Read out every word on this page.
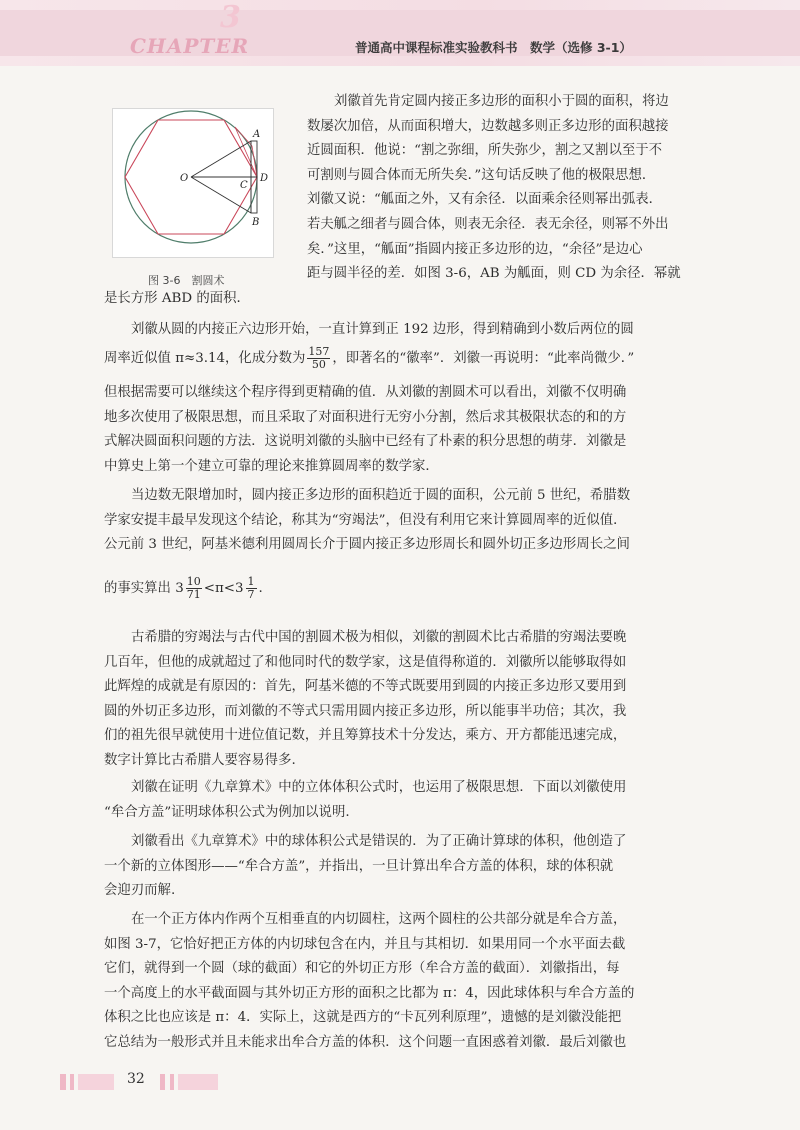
3
CHAPTER	普通高中课程标准实验教科书　数学（选修 3-1）
A
B
C
D
O
图 3-6　割圆术
刘徽首先肯定圆内接正多边形的面积小于圆的面积，将边
数屡次加倍，从而面积增大，边数越多则正多边形的面积越接
近圆面积．他说：“割之弥细，所失弥少，割之又割以至于不
可割则与圆合体而无所失矣．”这句话反映了他的极限思想．
刘徽又说：“觚面之外，又有余径．以面乘余径则幂出弧表．
若夫觚之细者与圆合体，则表无余径．表无余径，则幂不外出
矣．”这里，“觚面”指圆内接正多边形的边，“余径”是边心
距与圆半径的差．如图 3-6，AB 为觚面，则 CD 为余径．幂就
是长方形 ABD 的面积．
刘徽从圆的内接正六边形开始，一直计算到正 192 边形，得到精确到小数后两位的圆
周率近似值 π≈3.14，化成分数为 $\frac{157}{50}$ ，即著名的“徽率”．刘徽一再说明：“此率尚微少．”
但根据需要可以继续这个程序得到更精确的值．从刘徽的割圆术可以看出，刘徽不仅明确
地多次使用了极限思想，而且采取了对面积进行无穷小分割，然后求其极限状态的和的方
式解决圆面积问题的方法．这说明刘徽的头脑中已经有了朴素的积分思想的萌芽．刘徽是
中算史上第一个建立可靠的理论来推算圆周率的数学家．
当边数无限增加时，圆内接正多边形的面积趋近于圆的面积，公元前 5 世纪，希腊数
学家安提丰最早发现这个结论，称其为“穷竭法”，但没有利用它来计算圆周率的近似值．
公元前 3 世纪，阿基米德利用圆周长介于圆内接正多边形周长和圆外切正多边形周长之间
的事实算出 $3 \frac{10}{71} <\pi<3 \frac{1}{7}$ .
古希腊的穷竭法与古代中国的割圆术极为相似，刘徽的割圆术比古希腊的穷竭法要晚
几百年，但他的成就超过了和他同时代的数学家，这是值得称道的．刘徽所以能够取得如
此辉煌的成就是有原因的：首先，阿基米德的不等式既要用到圆的内接正多边形又要用到
圆的外切正多边形，而刘徽的不等式只需用圆内接正多边形，所以能事半功倍；其次，我
们的祖先很早就使用十进位值记数，并且筹算技术十分发达，乘方、开方都能迅速完成，
数字计算比古希腊人要容易得多.
​
刘徽在证明《九章算术》中的立体体积公式时，也运用了极限思想．下面以刘徽使用
“牟合方盖”证明球体积公式为例加以说明.
刘徽看出《九章算术》中的球体积公式是错误的．为了正确计算球的体积，他创造了
一个新的立体图形——“牟合方盖”，并指出，一旦计算出牟合方盖的体积，球的体积就
会迎刃而解.
在一个正方体内作两个互相垂直的内切圆柱，这两个圆柱的公共部分就是牟合方盖，
如图 3-7，它恰好把正方体的内切球包含在内，并且与其相切．如果用同一个水平面去截
它们，就得到一个圆（球的截面）和它的外切正方形（牟合方盖的截面）．刘徽指出，每
一个高度上的水平截面圆与其外切正方形的面积之比都为 π：4，因此球体积与牟合方盖的
体积之比也应该是 π：4．实际上，这就是西方的“卡瓦列利原理”，遗憾的是刘徽没能把
它总结为一般形式并且未能求出牟合方盖的体积．这个问题一直困惑着刘徽．最后刘徽也
32
